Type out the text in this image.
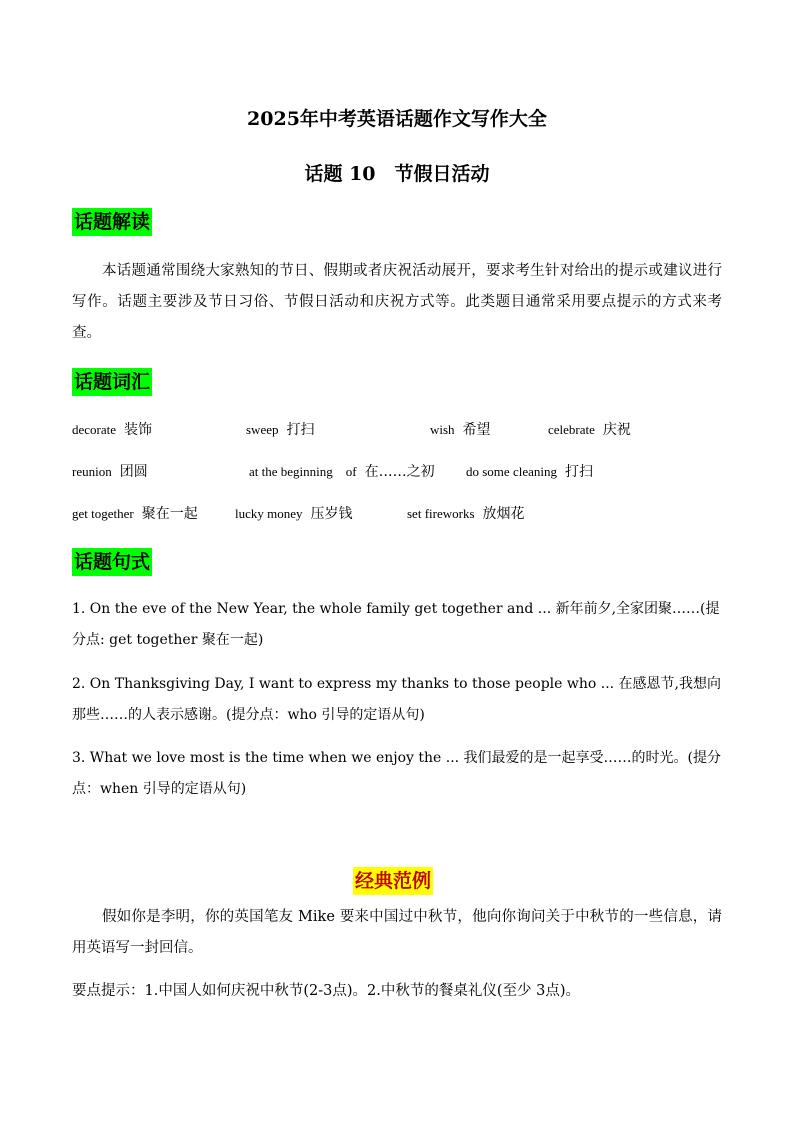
2025年中考英语话题作文写作大全
话题 10　节假日活动
话题解读

本话题通常围绕大家熟知的节日、假期或者庆祝活动展开，要求考生针对给出的提示或建议进行写作。话题主要涉及节日习俗、节假日活动和庆祝方式等。此类题目通常采用要点提示的方式来考查。

话题词汇
decorate 装饰	sweep 打扫	wish 希望	celebrate 庆祝
reunion 团圆	at the beginning　of 在……之初 do some cleaning 打扫
get together 聚在一起	lucky money 压岁钱	set fireworks 放烟花
话题句式

1. On the eve of the New Year, the whole family get together and ... 新年前夕,全家团聚……(提分点: get together 聚在一起)

2. On Thanksgiving Day, I want to express my thanks to those people who ... 在感恩节,我想向那些……的人表示感谢。(提分点：who 引导的定语从句)

3. What we love most is the time when we enjoy the ... 我们最爱的是一起享受……的时光。(提分点：when 引导的定语从句)

经典范例

假如你是李明，你的英国笔友 Mike 要来中国过中秋节，他向你询问关于中秋节的一些信息，请用英语写一封回信。

要点提示：1.中国人如何庆祝中秋节(2-3点)。2.中秋节的餐桌礼仪(至少 3点)。
